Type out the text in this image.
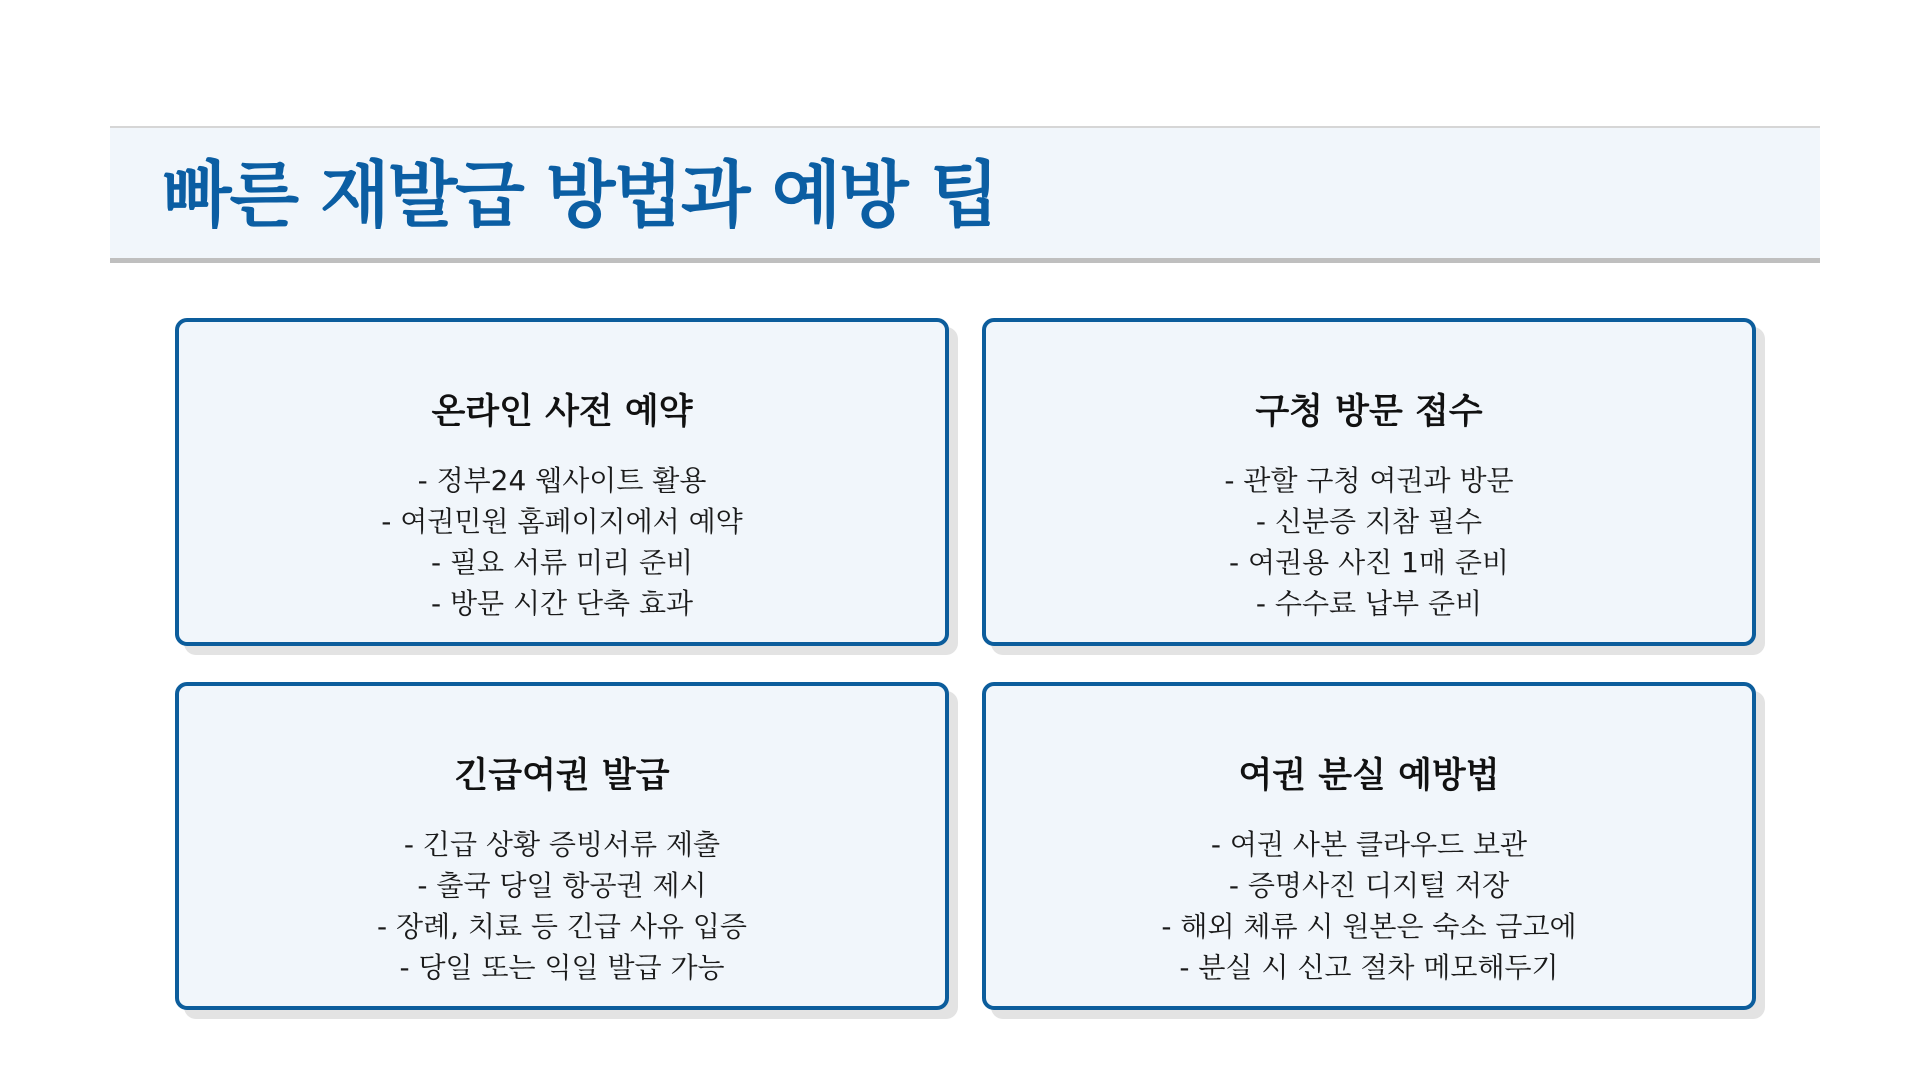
빠른 재발급 방법과 예방 팁
온라인 사전 예약
- 정부24 웹사이트 활용
- 여권민원 홈페이지에서 예약
- 필요 서류 미리 준비
- 방문 시간 단축 효과
구청 방문 접수
- 관할 구청 여권과 방문
- 신분증 지참 필수
- 여권용 사진 1매 준비
- 수수료 납부 준비
긴급여권 발급
- 긴급 상황 증빙서류 제출
- 출국 당일 항공권 제시
- 장례, 치료 등 긴급 사유 입증
- 당일 또는 익일 발급 가능
여권 분실 예방법
- 여권 사본 클라우드 보관
- 증명사진 디지털 저장
- 해외 체류 시 원본은 숙소 금고에
- 분실 시 신고 절차 메모해두기
